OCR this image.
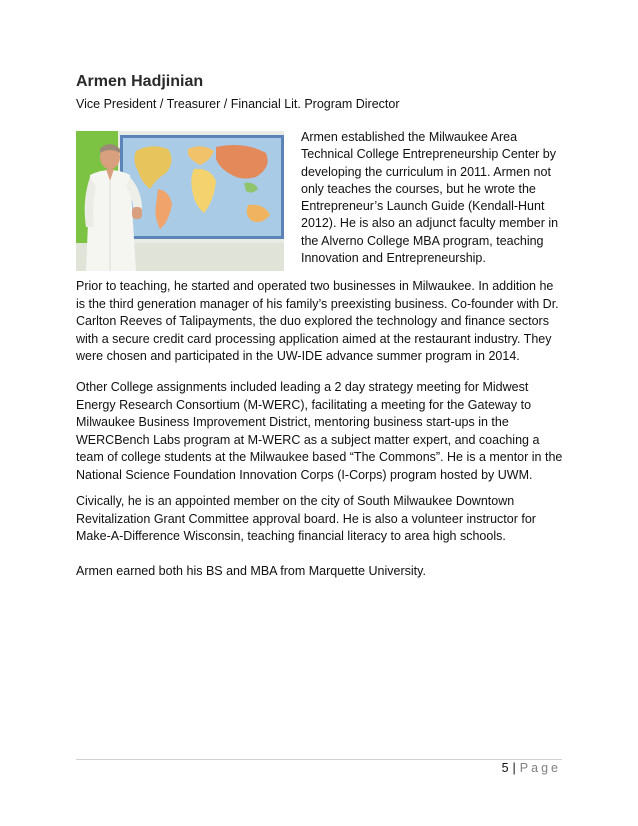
Armen Hadjinian
Vice President / Treasurer / Financial Lit. Program Director
Armen established the Milwaukee Area
Technical College Entrepreneurship Center by
developing the curriculum in 2011. Armen not
only teaches the courses, but he wrote the
Entrepreneur’s Launch Guide (Kendall-Hunt
2012). He is also an adjunct faculty member in
the Alverno College MBA program, teaching
Innovation and Entrepreneurship.
Prior to teaching, he started and operated two businesses in Milwaukee. In addition he
is the third generation manager of his family’s preexisting business. Co-founder with Dr.
Carlton Reeves of Talipayments, the duo explored the technology and finance sectors
with a secure credit card processing application aimed at the restaurant industry. They
were chosen and participated in the UW-IDE advance summer program in 2014.
Other College assignments included leading a 2 day strategy meeting for Midwest
Energy Research Consortium (M-WERC), facilitating a meeting for the Gateway to
Milwaukee Business Improvement District, mentoring business start-ups in the
WERCBench Labs program at M-WERC as a subject matter expert, and coaching a
team of college students at the Milwaukee based “The Commons”. He is a mentor in the
National Science Foundation Innovation Corps (I-Corps) program hosted by UWM.
Civically, he is an appointed member on the city of South Milwaukee Downtown
Revitalization Grant Committee approval board. He is also a volunteer instructor for
Make-A-Difference Wisconsin, teaching financial literacy to area high schools.
Armen earned both his BS and MBA from Marquette University.
5 | Page
